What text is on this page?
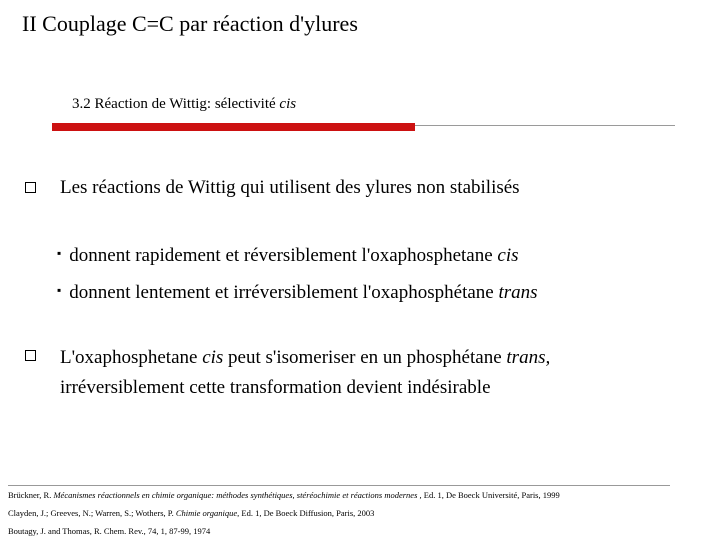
II Couplage C=C par réaction d'ylures
3.2 Réaction de Wittig: sélectivité cis
Les réactions de Wittig qui utilisent des ylures non stabilisés
▪ donnent rapidement et réversiblement l'oxaphosphetane cis
▪ donnent lentement et irréversiblement l'oxaphosphétane trans
L'oxaphosphetane cis peut s'isomeriser en un phosphétane trans,
irréversiblement cette transformation devient indésirable
Brückner, R. Mécanismes réactionnels en chimie organique: méthodes synthétiques, stéréochimie et réactions modernes , Ed. 1, De Boeck Université, Paris, 1999
Clayden, J.; Greeves, N.; Warren, S.; Wothers, P. Chimie organique, Ed. 1, De Boeck Diffusion, Paris, 2003
Boutagy, J. and Thomas, R. Chem. Rev., 74, 1, 87-99, 1974
